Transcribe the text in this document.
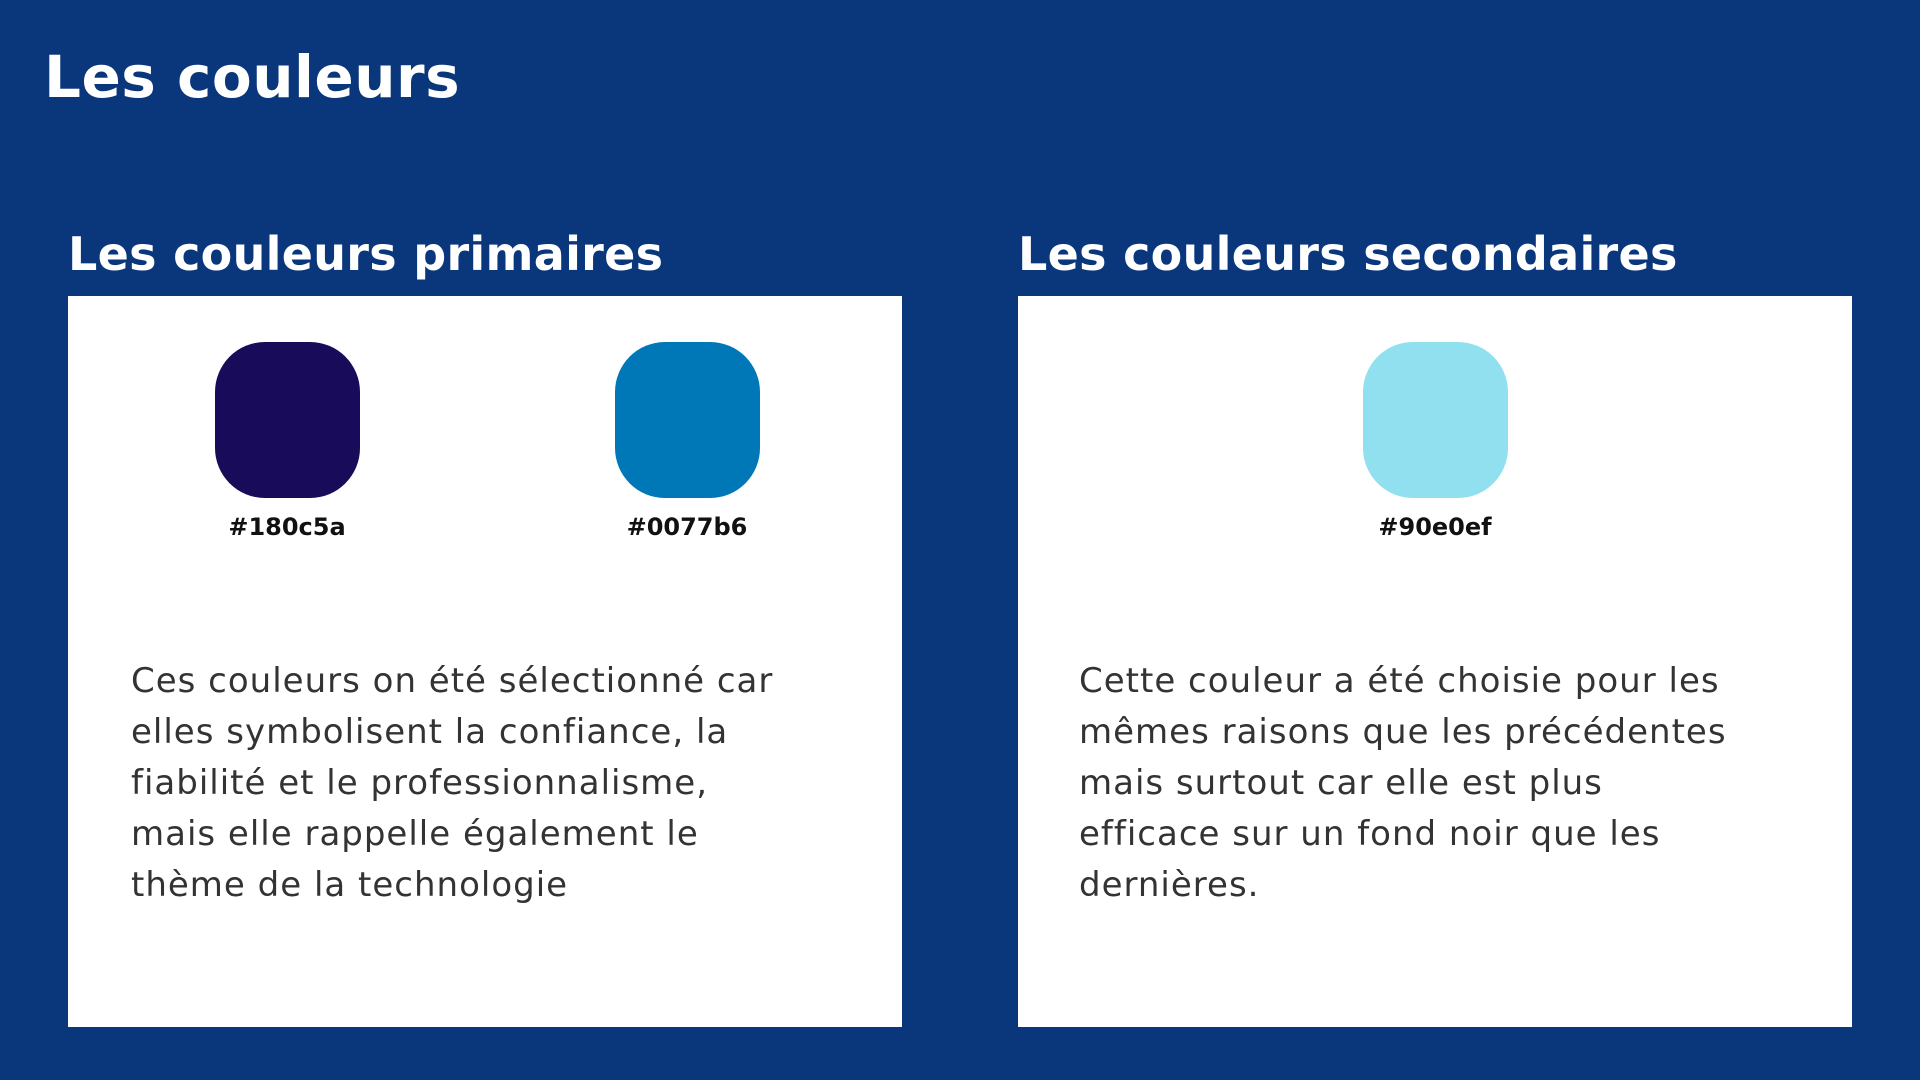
Les couleurs
Les couleurs primaires	Les couleurs secondaires
#180c5a	#0077b6

Ces couleurs on été sélectionné car
elles symbolisent la confiance, la
fiabilité et le professionnalisme,
mais elle rappelle également le
thème de la technologie

#90e0ef

Cette couleur a été choisie pour les
mêmes raisons que les précédentes
mais surtout car elle est plus
efficace sur un fond noir que les
dernières.
